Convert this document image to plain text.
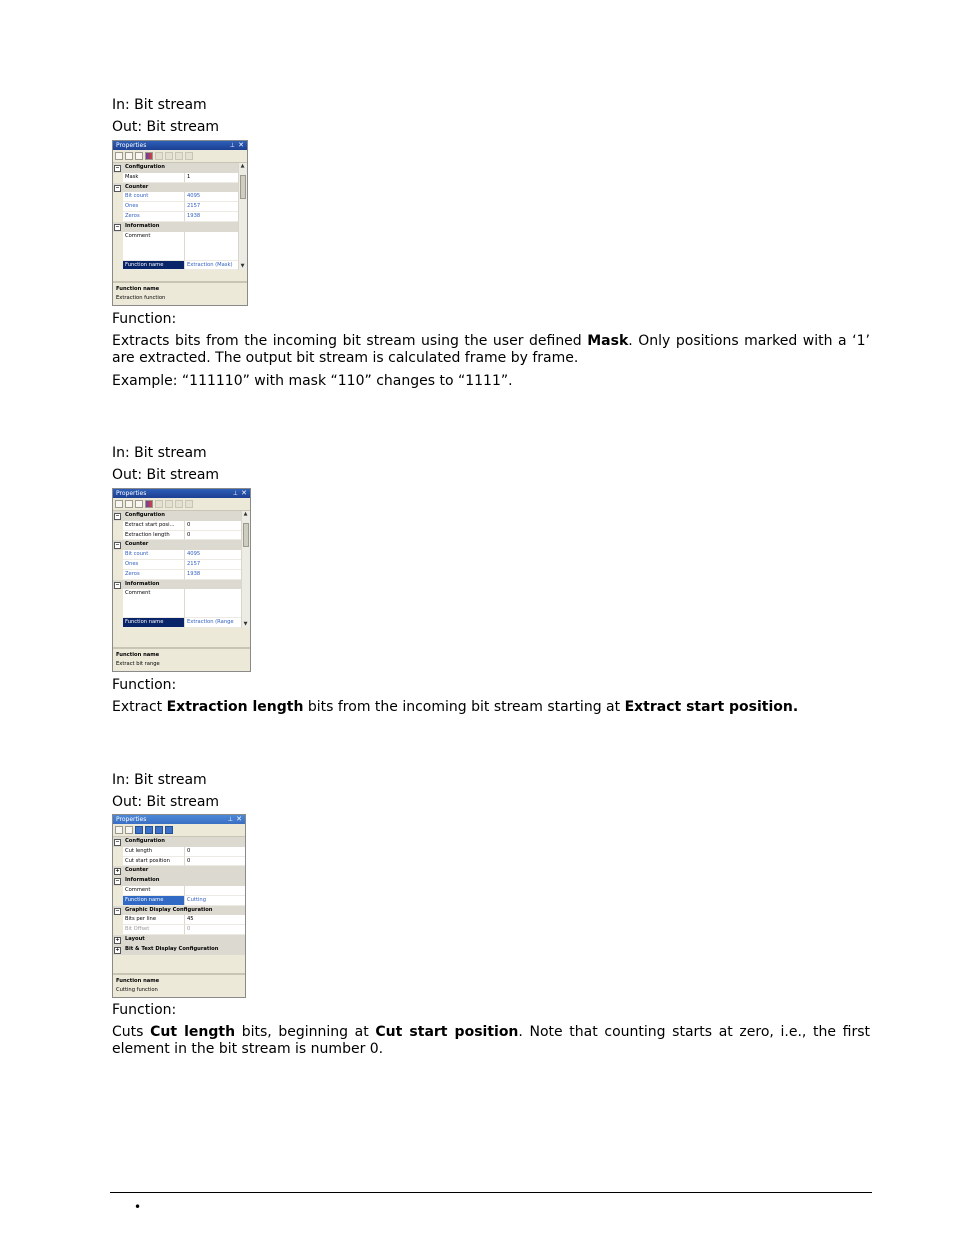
In: Bit stream
Out: Bit stream
Properties	⊥ ✕
−	Configuration
Mask	1
−	Counter
Bit count	4095
Ones	2157
Zeros	1938
−	Information
Comment
Function name	Extraction (Mask)
▲
▼
Function name
Extraction function
Function:
Extracts bits from the incoming bit stream using the user defined Mask. Only positions marked with a ‘1’ are extracted. The output bit stream is calculated frame by frame.
Example: “111110” with mask “110” changes to “1111”.
In: Bit stream
Out: Bit stream
Properties	⊥ ✕
−	Configuration
Extract start posi...	0
Extraction length	0
−	Counter
Bit count	4095
Ones	2157
Zeros	1938
−	Information
Comment
Function name	Extraction (Range
▲
▼
Function name
Extract bit range
Function:
Extract Extraction length bits from the incoming bit stream starting at Extract start position.
In: Bit stream
Out: Bit stream
Properties	⊥ ✕
−	Configuration
Cut length	0
Cut start position	0
+	Counter
−	Information
Comment
Function name	Cutting
−	Graphic Display Configuration
Bits per line	45
Bit Offset	0
+	Layout
+	Bit & Text Display Configuration
Function name
Cutting function
Function:
Cuts Cut length bits, beginning at Cut start position. Note that counting starts at zero, i.e., the first element in the bit stream is number 0.
•
